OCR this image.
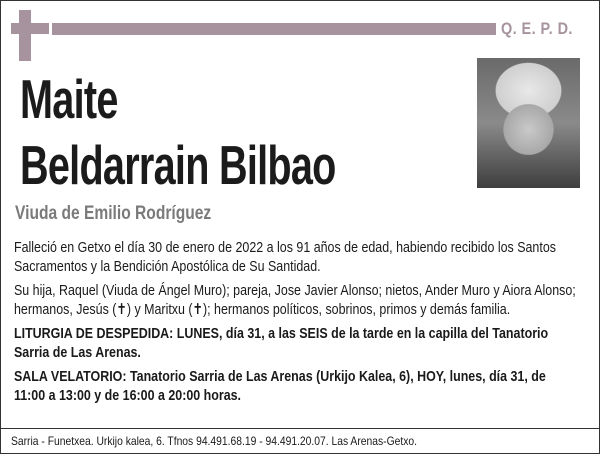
Q. E. P. D.
Maite
Beldarrain Bilbao
Viuda de Emilio Rodríguez

Falleció en Getxo el día 30 de enero de 2022 a los 91 años de edad, habiendo recibido los Santos Sacramentos y la Bendición Apostólica de Su Santidad.

Su hija, Raquel (Viuda de Ángel Muro); pareja, Jose Javier Alonso; nietos, Ander Muro y Aiora Alonso; hermanos, Jesús (✝) y Maritxu (✝); hermanos políticos, sobrinos, primos y demás familia.

LITURGIA DE DESPEDIDA: LUNES, día 31, a las SEIS de la tarde en la capilla del Tanatorio Sarria de Las Arenas.

SALA VELATORIO: Tanatorio Sarria de Las Arenas (Urkijo Kalea, 6), HOY, lunes, día 31, de 11:00 a 13:00 y de 16:00 a 20:00 horas.

Sarria - Funetxea. Urkijo kalea, 6. Tfnos 94.491.68.19 - 94.491.20.07. Las Arenas-Getxo.
